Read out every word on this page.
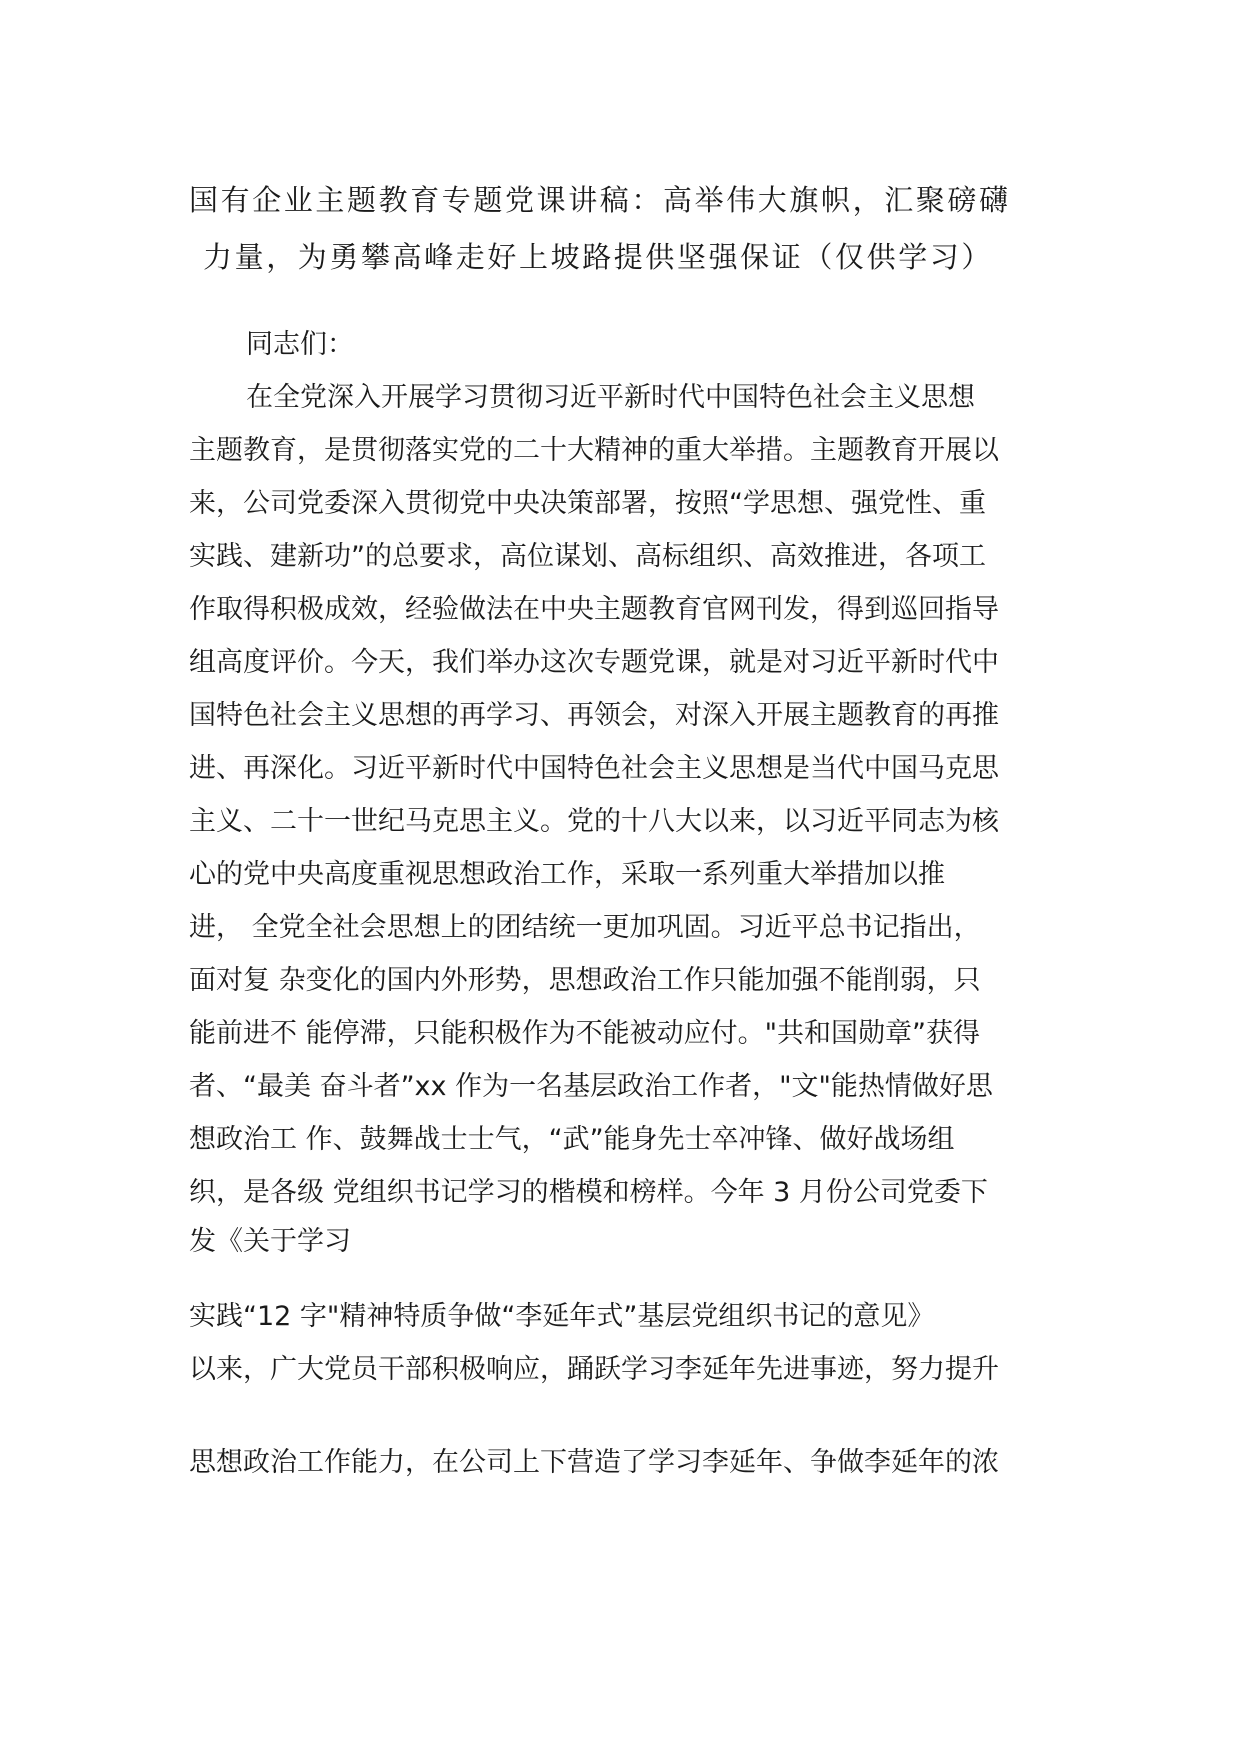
国有企业主题教育专题党课讲稿：高举伟大旗帜，汇聚磅礴
力量，为勇攀高峰走好上坡路提供坚强保证（仅供学习）
同志们：
在全党深入开展学习贯彻习近平新时代中国特色社会主义思想
主题教育，是贯彻落实党的二十大精神的重大举措。主题教育开展以
来，公司党委深入贯彻党中央决策部署，按照“学思想、强党性、重
实践、建新功”的总要求，高位谋划、高标组织、高效推进，各项工
作取得积极成效，经验做法在中央主题教育官网刊发，得到巡回指导
组高度评价。今天，我们举办这次专题党课，就是对习近平新时代中
国特色社会主义思想的再学习、再领会，对深入开展主题教育的再推
进、再深化。习近平新时代中国特色社会主义思想是当代中国马克思
主义、二十一世纪马克思主义。党的十八大以来，以习近平同志为核
心的党中央高度重视思想政治工作，采取一系列重大举措加以推
进， 全党全社会思想上的团结统一更加巩固。习近平总书记指出，
面对复 杂变化的国内外形势，思想政治工作只能加强不能削弱，只
能前进不 能停滞，只能积极作为不能被动应付。"共和国勋章”获得
者、“最美 奋斗者”xx 作为一名基层政治工作者，"文"能热情做好思
想政治工 作、鼓舞战士士气，“武”能身先士卒冲锋、做好战场组
织，是各级 党组织书记学习的楷模和榜样。今年 3 月份公司党委下
发《关于学习
实践“12 字"精神特质争做“李延年式”基层党组织书记的意见》
以来，广大党员干部积极响应，踊跃学习李延年先进事迹，努力提升
思想政治工作能力，在公司上下营造了学习李延年、争做李延年的浓
